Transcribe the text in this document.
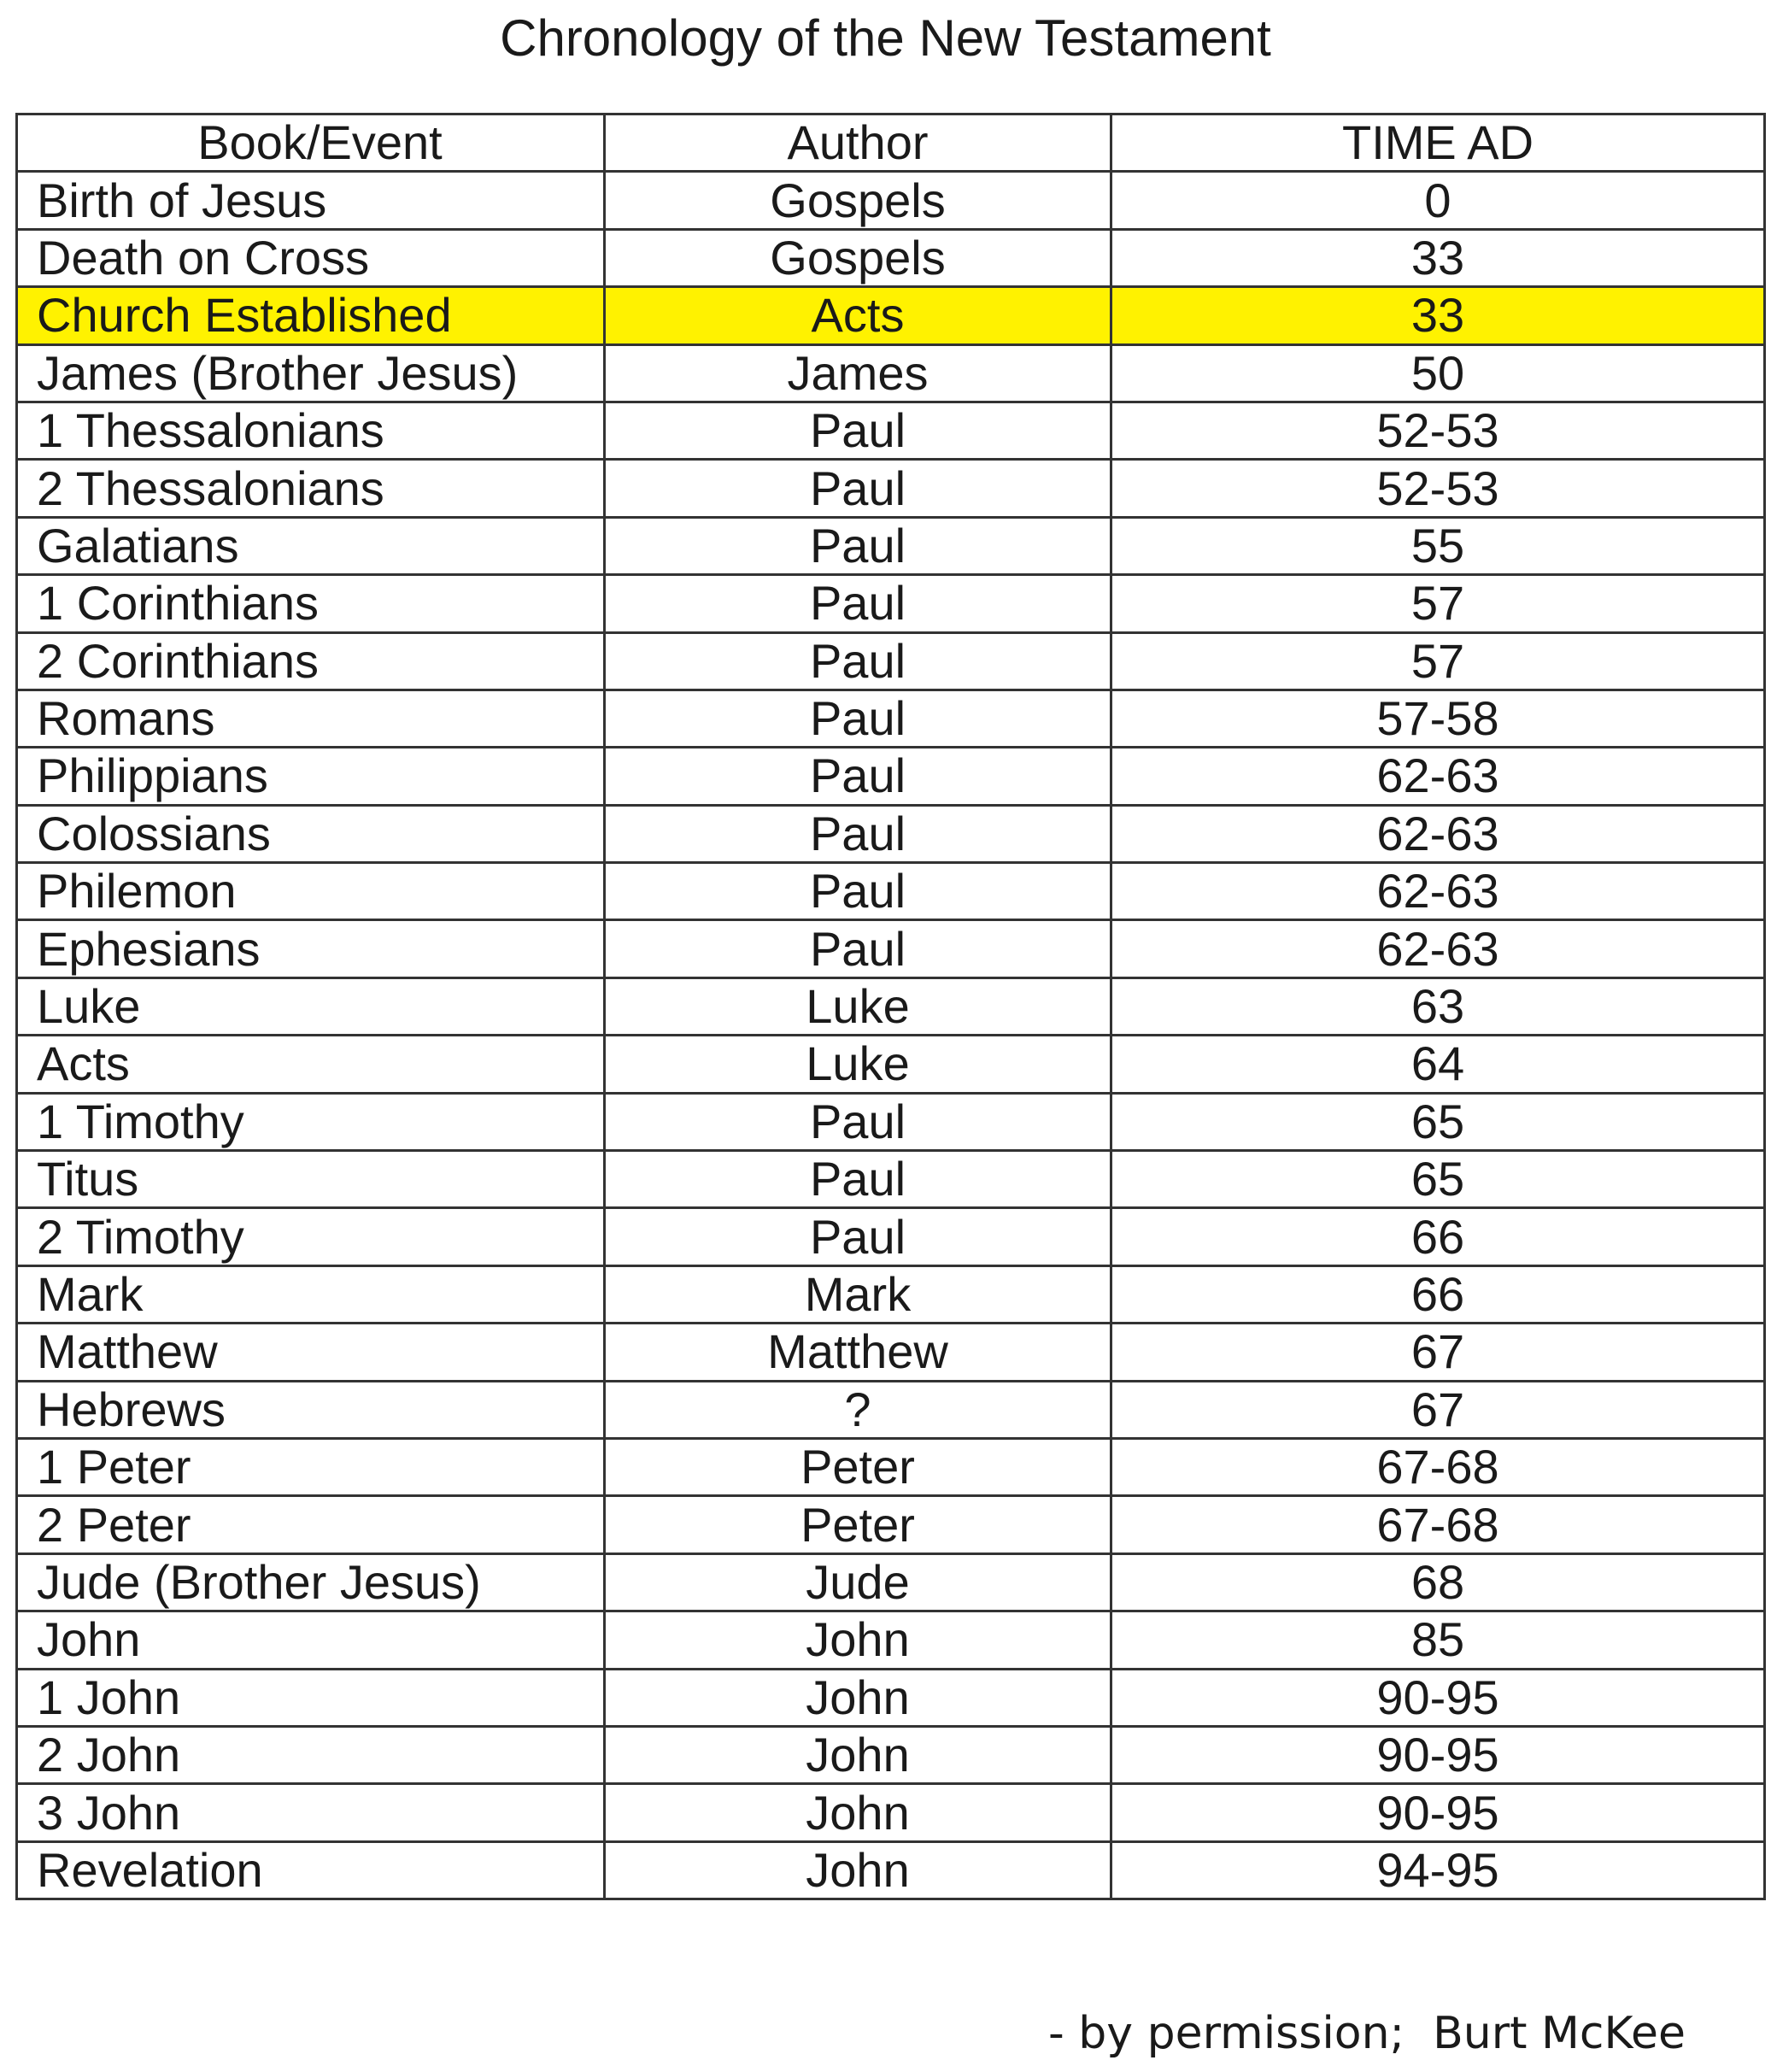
Chronology of the New Testament
Book/Event	Author	TIME AD
Birth of Jesus	Gospels	0
Death on Cross	Gospels	33
Church Established	Acts	33
James (Brother Jesus)	James	50
1 Thessalonians	Paul	52-53
2 Thessalonians	Paul	52-53
Galatians	Paul	55
1 Corinthians	Paul	57
2 Corinthians	Paul	57
Romans	Paul	57-58
Philippians	Paul	62-63
Colossians	Paul	62-63
Philemon	Paul	62-63
Ephesians	Paul	62-63
Luke	Luke	63
Acts	Luke	64
1 Timothy	Paul	65
Titus	Paul	65
2 Timothy	Paul	66
Mark	Mark	66
Matthew	Matthew	67
Hebrews	?	67
1 Peter	Peter	67-68
2 Peter	Peter	67-68
Jude (Brother Jesus)	Jude	68
John	John	85
1 John	John	90-95
2 John	John	90-95
3 John	John	90-95
Revelation	John	94-95
- by permission;  Burt McKee
